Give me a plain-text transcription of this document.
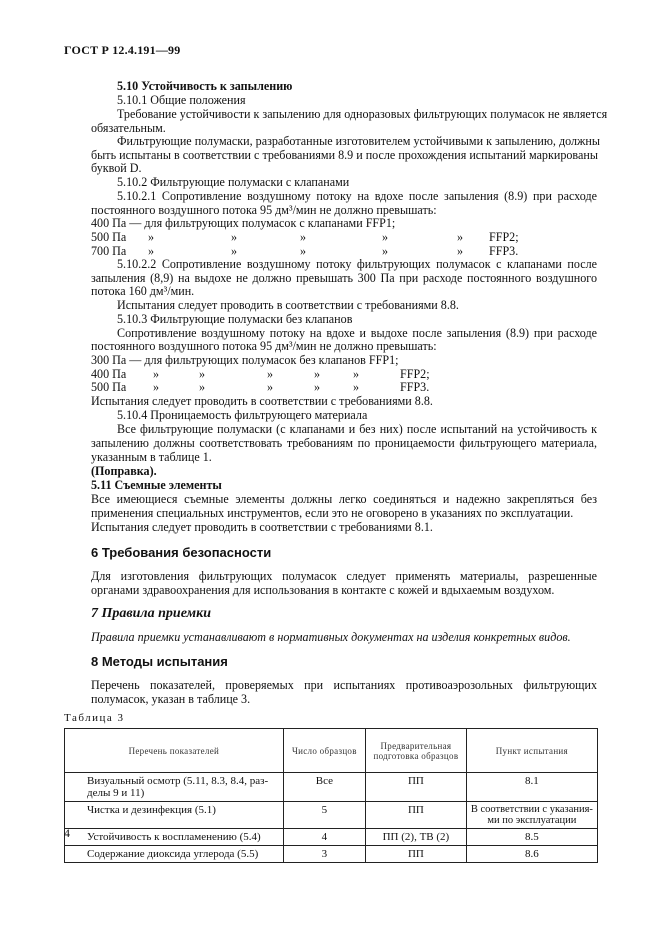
ГОСТ Р 12.4.191—99
5.10 Устойчивость к запылению
5.10.1 Общие положения
Требование устойчивости к запылению для одноразовых фильтрующих полумасок не является
обязательным.
Фильтрующие полумаски, разработанные изготовителем устойчивыми к запылению, должны
быть испытаны в соответствии с требованиями 8.9 и после прохождения испытаний маркированы
буквой D.
5.10.2 Фильтрующие полумаски с клапанами
5.10.2.1 Сопротивление воздушному потоку на вдохе после запыления (8.9) при расходе
постоянного воздушного потока 95 дм³/мин не должно превышать:
400 Па — для фильтрующих полумасок с клапанами FFP1;
500 Па	»	»	»	»	»	FFP2;
700 Па	»	»	»	»	»	FFP3.
5.10.2.2 Сопротивление воздушному потоку фильтрующих полумасок с клапанами после
запыления (8,9) на выдохе не должно превышать 300 Па при расходе постоянного воздушного
потока 160 дм³/мин.
Испытания следует проводить в соответствии с требованиями 8.8.
5.10.3 Фильтрующие полумаски без клапанов
Сопротивление воздушному потоку на вдохе и выдохе после запыления (8.9) при расходе
постоянного воздушного потока 95 дм³/мин не должно превышать:
300 Па — для фильтрующих полумасок без клапанов FFP1;
400 Па	»	»	»	»	»	FFP2;
500 Па	»	»	»	»	»	FFP3.
Испытания следует проводить в соответствии с требованиями 8.8.
5.10.4 Проницаемость фильтрующего материала
Все фильтрующие полумаски (с клапанами и без них) после испытаний на устойчивость к
запылению должны соответствовать требованиям по проницаемости фильтрующего материала,
указанным в таблице 1.
(Поправка).
5.11 Съемные элементы
Все имеющиеся съемные элементы должны легко соединяться и надежно закрепляться без
применения специальных инструментов, если это не оговорено в указаниях по эксплуатации.
Испытания следует проводить в соответствии с требованиями 8.1.
6 Требования безопасности
Для изготовления фильтрующих полумасок следует применять материалы, разрешенные
органами здравоохранения для использования в контакте с кожей и вдыхаемым воздухом.
7 Правила приемки
Правила приемки устанавливают в нормативных документах на изделия конкретных видов.
8 Методы испытания
Перечень показателей, проверяемых при испытаниях противоаэрозольных фильтрующих
полумасок, указан в таблице 3.
Таблица 3
Перечень показателей	Число образцов	Предварительная подготовка образцов	Пункт испытания
Визуальный осмотр (5.11, 8.3, 8.4, раз-
делы 9 и 11)	Все	ПП	8.1
Чистка и дезинфекция (5.1)	5	ПП	В соответствии с указания-
ми по эксплуатации
Устойчивость к воспламенению (5.4)	4	ПП (2), ТВ (2)	8.5
Содержание диоксида углерода (5.5)	3	ПП	8.6
4
